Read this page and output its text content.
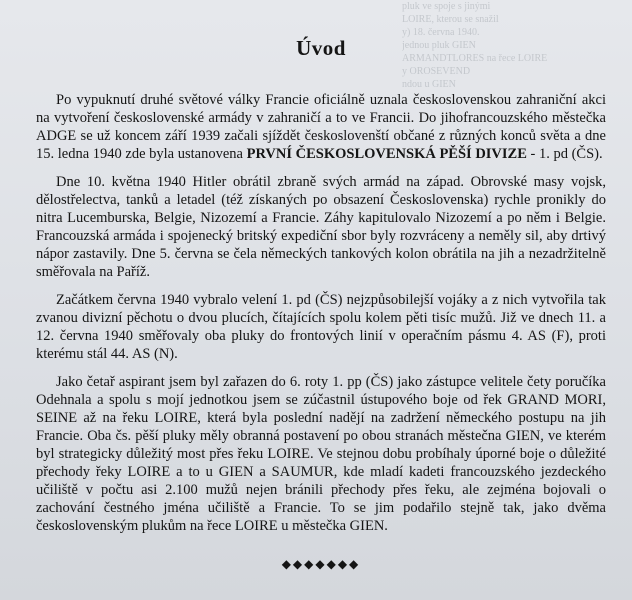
pluk ve spoje s jinými
LOIRE, kterou se snažil
y) 18. června 1940.
jednou pluk GIEN
ARMANDTLORES na řece LOIRE
y OROSEVEND
ndou u GIEN
Úvod

Po vypuknutí druhé světové války Francie oficiálně uznala československou zahraniční akci na vytvoření československé armády v zahraničí a to ve Francii. Do jihofrancouzského městečka ADGE se už koncem září 1939 začali sjíždět českoslovenští občané z různých konců světa a dne 15. ledna 1940 zde byla ustanovena PRVNÍ ČESKOSLOVENSKÁ PĚŠÍ DIVIZE - 1. pd (ČS).

Dne 10. května 1940 Hitler obrátil zbraně svých armád na západ. Obrovské masy vojsk, dělostřelectva, tanků a letadel (též získaných po obsazení Československa) rychle pronikly do nitra Lucemburska, Belgie, Nizozemí a Francie. Záhy kapitulovalo Nizozemí a po něm i Belgie. Francouzská armáda i spojenecký britský expediční sbor byly rozvráceny a neměly sil, aby drtivý nápor zastavily. Dne 5. června se čela německých tankových kolon obrátila na jih a nezadržitelně směřovala na Paříž.

Začátkem června 1940 vybralo velení 1. pd (ČS) nejzpůsobilejší vojáky a z nich vytvořila tak zvanou divizní pěchotu o dvou plucích, čítajících spolu kolem pěti tisíc mužů. Již ve dnech 11. a 12. června 1940 směřovaly oba pluky do frontových linií v operačním pásmu 4. AS (F), proti kterému stál 44. AS (N).

Jako četař aspirant jsem byl zařazen do 6. roty 1. pp (ČS) jako zástupce velitele čety poručíka Odehnala a spolu s mojí jednotkou jsem se zúčastnil ústupového boje od řek GRAND MORI, SEINE až na řeku LOIRE, která byla poslední nadějí na zadržení německého postupu na jih Francie. Oba čs. pěší pluky měly obranná postavení po obou stranách městečna GIEN, ve kterém byl strategicky důležitý most přes řeku LOIRE. Ve stejnou dobu probíhaly úporné boje o důležité přechody řeky LOIRE a to u GIEN a SAUMUR, kde mladí kadeti francouzského jezdeckého učiliště v počtu asi 2.100 mužů nejen bránili přechody přes řeku, ale zejména bojovali o zachování čestného jména učiliště a Francie. To se jim podařilo stejně tak, jako dvěma československým plukům na řece LOIRE u městečka GIEN.

◆◆◆◆◆◆◆
